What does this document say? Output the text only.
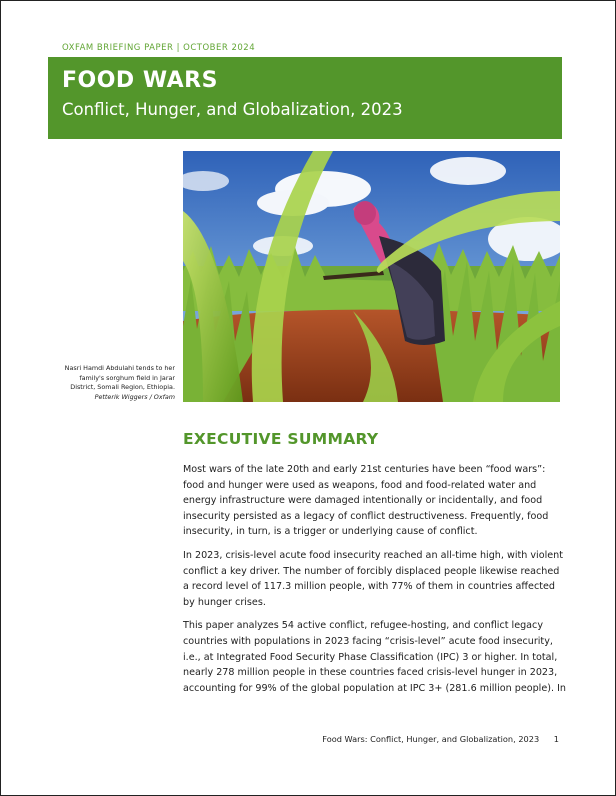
OXFAM BRIEFING PAPER | OCTOBER 2024
FOOD WARS
Conflict, Hunger, and Globalization, 2023
Nasri Hamdi Abdulahi tends to her
family's sorghum field in Jarar
District, Somali Region, Ethiopia.
Petterik Wiggers / Oxfam
EXECUTIVE SUMMARY

Most wars of the late 20th and early 21st centuries have been “food wars”: food and hunger were used as weapons, food and food-related water and energy infrastructure were damaged intentionally or incidentally, and food insecurity persisted as a legacy of conflict destructiveness. Frequently, food insecurity, in turn, is a trigger or underlying cause of conflict.

In 2023, crisis-level acute food insecurity reached an all-time high, with violent conflict a key driver. The number of forcibly displaced people likewise reached a record level of 117.3 million people, with 77% of them in countries affected by hunger crises.

This paper analyzes 54 active conflict, refugee-hosting, and conflict legacy countries with populations in 2023 facing “crisis-level” acute food insecurity, i.e., at Integrated Food Security Phase Classification (IPC) 3 or higher. In total, nearly 278 million people in these countries faced crisis-level hunger in 2023, accounting for 99% of the global population at IPC 3+ (281.6 million people). In

Food Wars: Conflict, Hunger, and Globalization, 2023 1
